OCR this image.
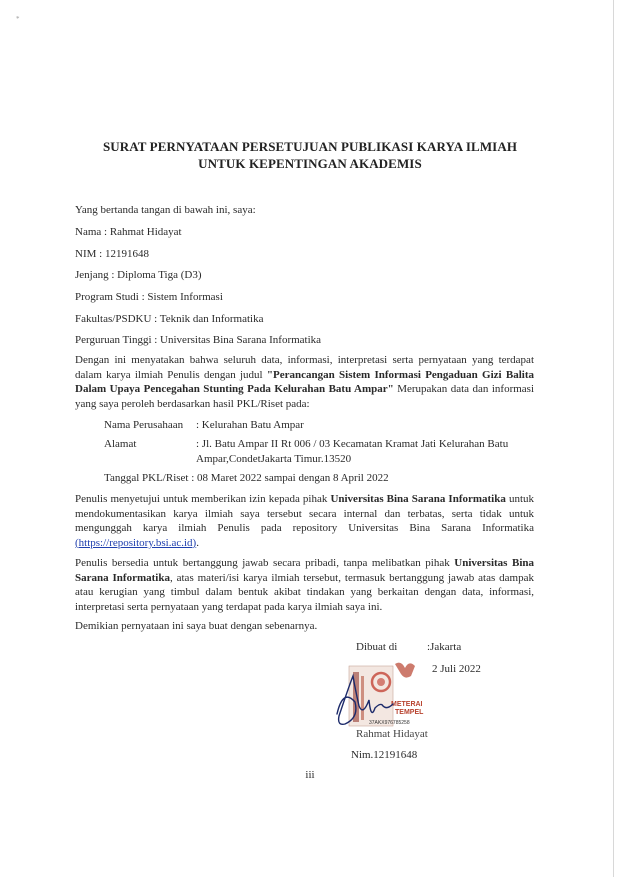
*
SURAT PERNYATAAN PERSETUJUAN PUBLIKASI KARYA ILMIAH
UNTUK KEPENTINGAN AKADEMIS
Yang bertanda tangan di bawah ini, saya:
Nama : Rahmat Hidayat
NIM : 12191648
Jenjang : Diploma Tiga (D3)
Program Studi : Sistem Informasi
Fakultas/PSDKU : Teknik dan Informatika
Perguruan Tinggi : Universitas Bina Sarana Informatika
Dengan ini menyatakan bahwa seluruh data, informasi, interpretasi serta pernyataan yang terdapat dalam karya ilmiah Penulis dengan judul "Perancangan Sistem Informasi Pengaduan Gizi Balita Dalam Upaya Pencegahan Stunting Pada Kelurahan Batu Ampar" Merupakan data dan informasi yang saya peroleh berdasarkan hasil PKL/Riset pada:
Nama Perusahaan : Kelurahan Batu Ampar
Alamat	: Jl. Batu Ampar II Rt 006 / 03 Kecamatan Kramat Jati Kelurahan Batu Ampar,CondetJakarta Timur.13520
Tanggal PKL/Riset : 08 Maret 2022 sampai dengan 8 April 2022
Penulis menyetujui untuk memberikan izin kepada pihak Universitas Bina Sarana Informatika untuk mendokumentasikan karya ilmiah saya tersebut secara internal dan terbatas, serta tidak untuk mengunggah karya ilmiah Penulis pada repository Universitas Bina Sarana Informatika (https://repository.bsi.ac.id).
Penulis bersedia untuk bertanggung jawab secara pribadi, tanpa melibatkan pihak Universitas Bina Sarana Informatika, atas materi/isi karya ilmiah tersebut, termasuk bertanggung jawab atas dampak atau kerugian yang timbul dalam bentuk akibat tindakan yang berkaitan dengan data, informasi, interpretasi serta pernyataan yang terdapat pada karya ilmiah saya ini.
Demikian pernyataan ini saya buat dengan sebenarnya.
Dibuat di	:Jakarta
2 Juli 2022
METERAI
TEMPEL
37AKX976785258
Rahmat Hidayat
Nim.12191648
iii
